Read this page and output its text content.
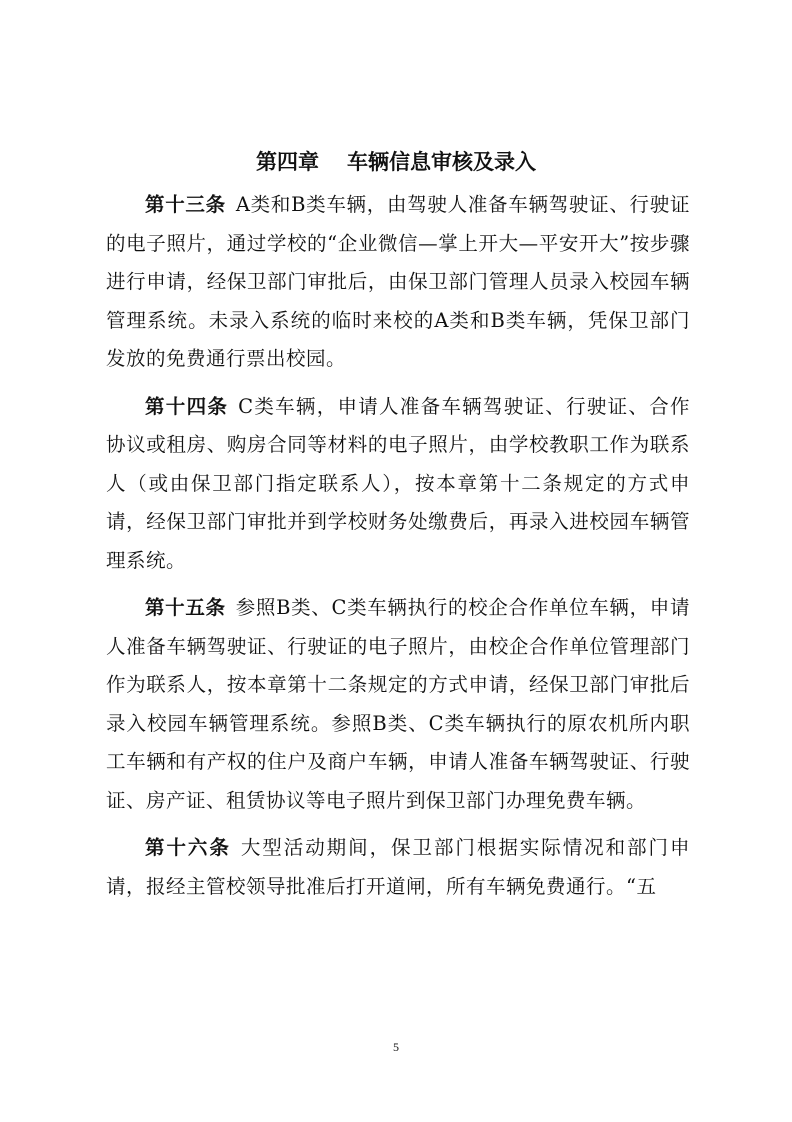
第四章 车辆信息审核及录入

第十三条 A类和B类车辆，由驾驶人准备车辆驾驶证、行驶证的电子照片，通过学校的“企业微信—掌上开大—平安开大”按步骤进行申请，经保卫部门审批后，由保卫部门管理人员录入校园车辆管理系统。未录入系统的临时来校的A类和B类车辆，凭保卫部门发放的免费通行票出校园。

第十四条 C类车辆，申请人准备车辆驾驶证、行驶证、合作协议或租房、购房合同等材料的电子照片，由学校教职工作为联系人（或由保卫部门指定联系人），按本章第十二条规定的方式申请，经保卫部门审批并到学校财务处缴费后，再录入进校园车辆管理系统。

第十五条 参照B类、C类车辆执行的校企合作单位车辆，申请人准备车辆驾驶证、行驶证的电子照片，由校企合作单位管理部门作为联系人，按本章第十二条规定的方式申请，经保卫部门审批后录入校园车辆管理系统。参照B类、C类车辆执行的原农机所内职工车辆和有产权的住户及商户车辆，申请人准备车辆驾驶证、行驶证、房产证、租赁协议等电子照片到保卫部门办理免费车辆。

第十六条 大型活动期间，保卫部门根据实际情况和部门申请，报经主管校领导批准后打开道闸，所有车辆免费通行。“五

5
